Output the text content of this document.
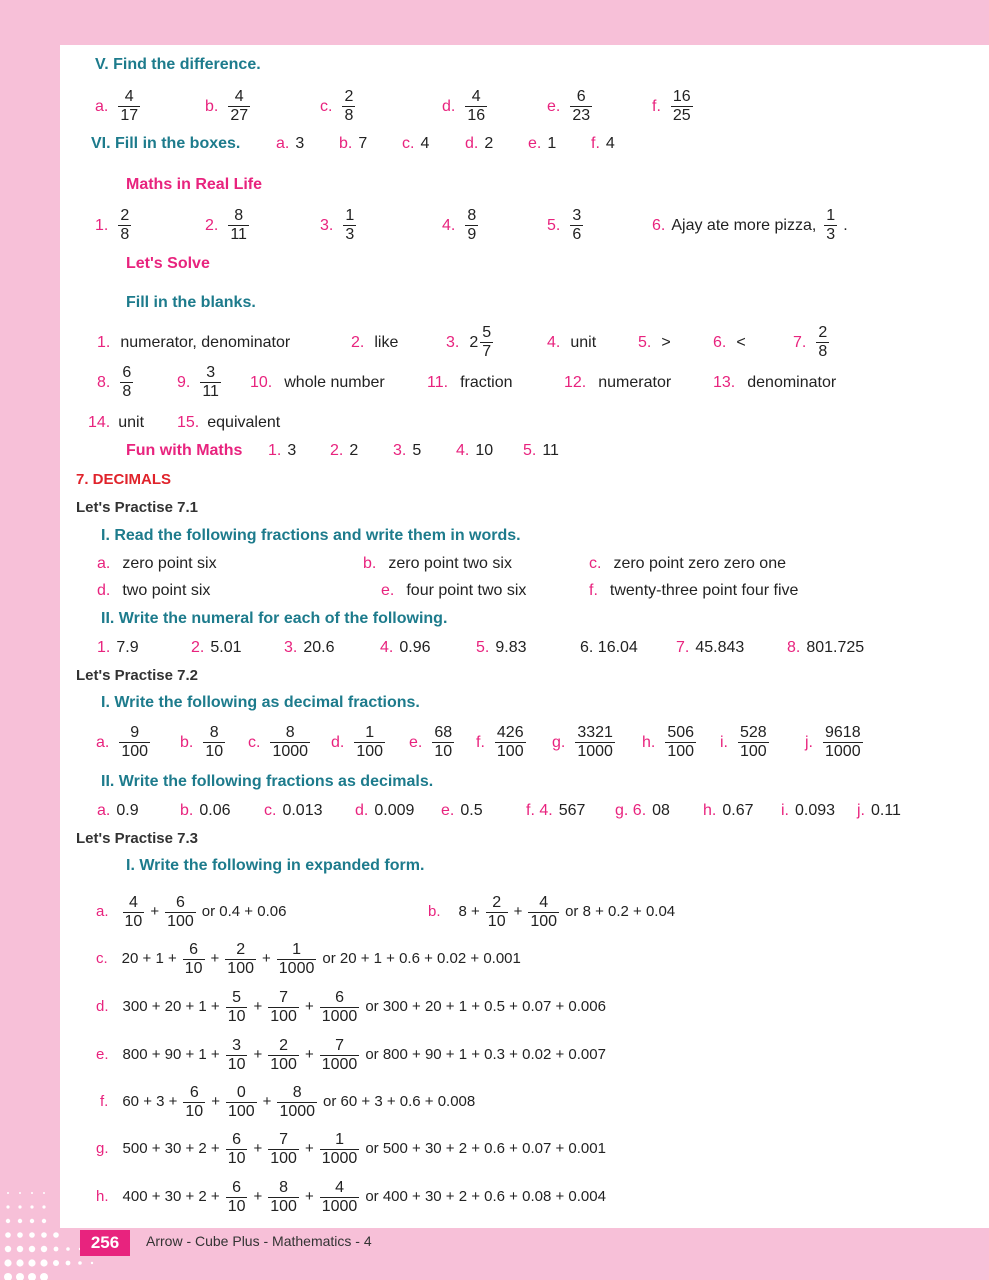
V. Find the difference.
a. $\frac{4}{17}$	b. $\frac{4}{27}$	c. $\frac{2}{8}$	d. $\frac{4}{16}$	e. $\frac{6}{23}$	f. $\frac{16}{25}$
VI. Fill in the boxes. a. 3 b. 7 c. 4 d. 2 e. 1 f. 4
Maths in Real Life
1. $\frac{2}{8}$	2. $\frac{8}{11}$	3. $\frac{1}{3}$	4. $\frac{8}{9}$	5. $\frac{3}{6}$	6. Ajay ate more pizza, $\frac{1}{3}$ .
Let's Solve
Fill in the blanks.
1. numerator, denominator	2. like	3. $2 \frac{5}{7}$	4. unit	5. >	6. <	7. $\frac{2}{8}$
8. $\frac{6}{8}$	9. $\frac{3}{11} 10$. whole number	11. fraction	12. numerator	13. denominator
14. unit 15. equivalent
Fun with Maths 1. 3 2. 2 3. 5 4. 10 5. 11
7. DECIMALS
Let's Practise 7.1
I. Read the following fractions and write them in words.
a. zero point six	b. zero point two six	c. zero point zero zero one
d. two point six	e. four point two six	f. twenty-three point four five
II. Write the numeral for each of the following.
1. 7.9	2. 5.01	3. 20.6	4. 0.96	5. 9.83	6. 16.04 7. 45.843	8. 801.725
Let's Practise 7.2
I. Write the following as decimal fractions.
a. $\frac{9}{100} b$. $\frac{8}{10} c$. $\frac{8}{1000} d$. $\frac{1}{100} e$. $\frac{68}{10} f$. $\frac{426}{100} g$. $\frac{3321}{1000} h$. $\frac{506}{100} i$. $\frac{528}{100} j$. $\frac{9618}{1000}$
II. Write the following fractions as decimals.
a. 0.9	b. 0.06 c. 0.013 d. 0.009 e. 0.5	f. 4. 567 g. 6. 08 h. 0.67 i. 0.093 j. 0.11
Let's Practise 7.3
I. Write the following in expanded form.
a. $\frac{4}{10} + \frac{6}{100}$ or 0.4 + 0.06	b. $8 + \frac{2}{10} + \frac{4}{100}$ or 8 + 0.2 + 0.04
c. $20 + 1 + \frac{6}{10} + \frac{2}{100} + \frac{1}{1000}$ or 20 + 1 + 0.6 + 0.02 + 0.001
d. $300 + 20 + 1 + \frac{5}{10} + \frac{7}{100} + \frac{6}{1000}$ or 300 + 20 + 1 + 0.5 + 0.07 + 0.006
e. $800 + 90 + 1 + \frac{3}{10} + \frac{2}{100} + \frac{7}{1000}$ or 800 + 90 + 1 + 0.3 + 0.02 + 0.007
f. $60 + 3 + \frac{6}{10} + \frac{0}{100} + \frac{8}{1000}$ or 60 + 3 + 0.6 + 0.008
g. $500 + 30 + 2 + \frac{6}{10} + \frac{7}{100} + \frac{1}{1000}$ or 500 + 30 + 2 + 0.6 + 0.07 + 0.001
h. $400 + 30 + 2 + \frac{6}{10} + \frac{8}{100} + \frac{4}{1000}$ or 400 + 30 + 2 + 0.6 + 0.08 + 0.004
256	Arrow - Cube Plus - Mathematics - 4
